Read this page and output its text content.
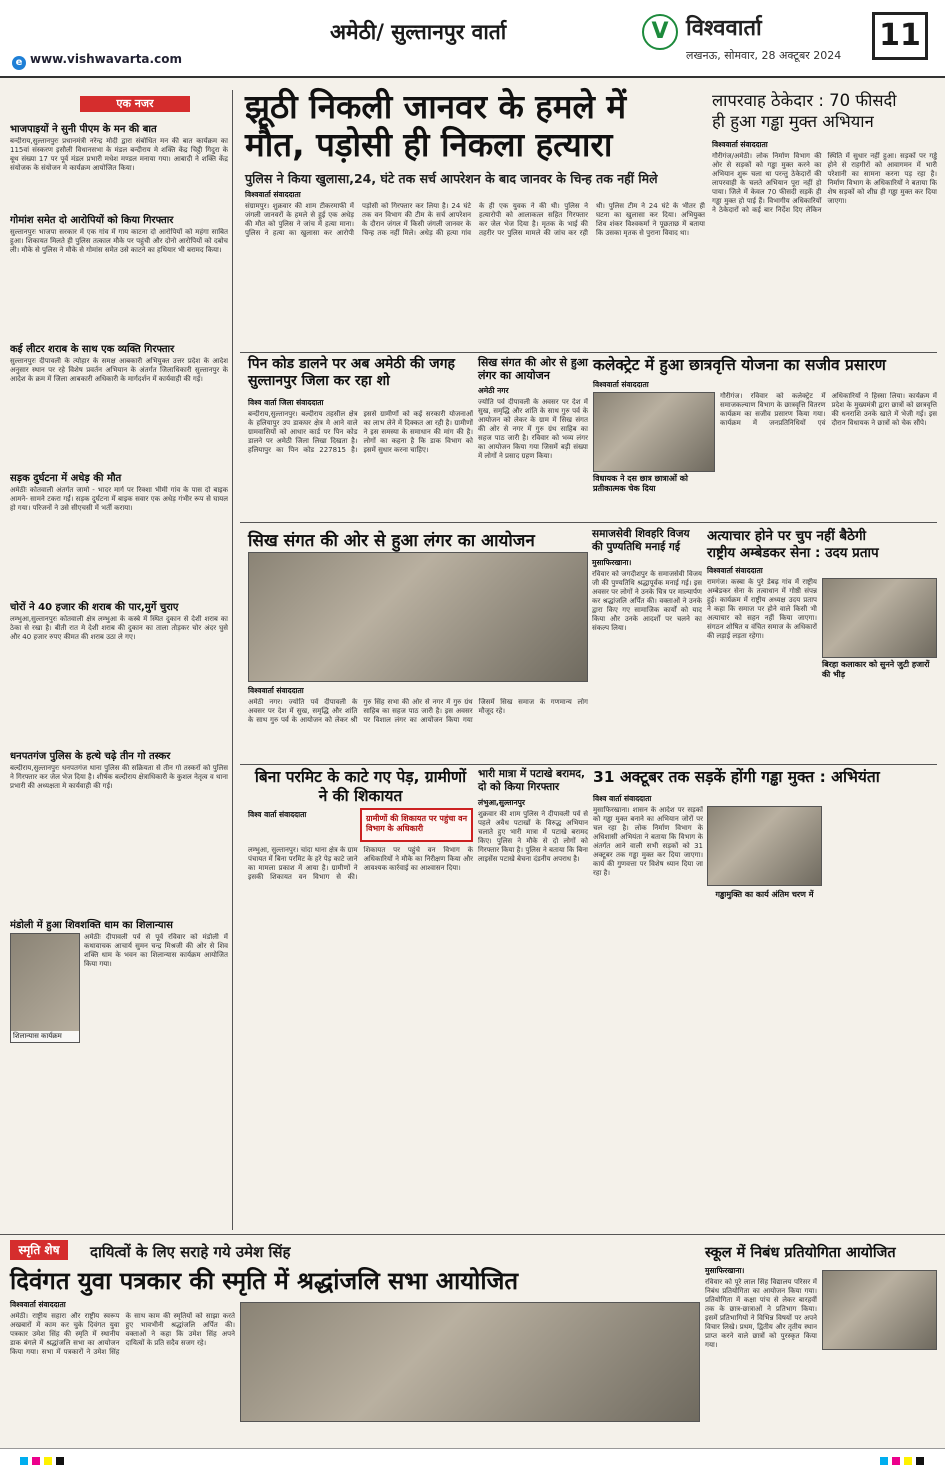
अमेठी/ सुल्तानपुर वार्ता
e www.vishwavarta.com
V विश्ववार्ता
लखनऊ, सोमवार, 28 अक्टूबर 2024
11
एक नजर
भाजपाइयों ने सुनी पीएम के मन की बात
बन्दीराय,सुल्तानपुरः प्रधानमंत्री नरेन्द्र मोदी द्वारा संबोधित मन की बात कार्यक्रम का 115वां संस्करण इसौली विधानसभा के मंडल बन्दीराय मे शक्ति केंद्र चिट्ठी गिदुरा के बूथ संख्या 17 पर पूर्व मंडल प्रभारी मधेश मण्डल मनाया गया। आबादी ने शक्ति केंद्र संयोजक के संयोजन मे कार्यक्रम आयोजित किया।
गोमांश समेत दो आरोपियों को किया गिरफ्तार
सुल्तानपुरः भाजपा सरकार में एक गांव में गाय काटना दो आरोपियों को महंगा साबित हुआ। शिकायत मिलते ही पुलिस तत्काल मौके पर पहुंची और दोनो आरोपियों को दबोच ली। मौके से पुलिस ने मौके से गोमांस समेत उसे काटने का हथियार भी बरामद किया।
कई लीटर शराब के साथ एक व्यक्ति गिरफ्तार
सुल्तानपुरः दीपावली के त्योहार के समक्ष आबकारी अभियुक्त उत्तर प्रदेश के आदेश अनुसार स्थान पर रहे विशेष प्रवर्तन अभियान के अंतर्गत जिलाधिकारी सुल्तानपुर के आदेश के क्रम में जिला आबकारी अधिकारी के मार्गदर्शन में कार्यवाही की गई।
सड़क दुर्घटना में अधेड़ की मौत
अमेठीः कोतवाली अंतर्गत जामो - भादर मार्ग पर रिक्शा भीमी गांव के पास दो बाइक आमने- सामने टकरा गईं। सड़क दुर्घटना में बाइक सवार एक अधेड़ गंभीर रूप से घायल हो गया। परिजनों ने उसे सीएचसी में भर्ती कराया।
चोरों ने 40 हजार की शराब की पार,मुर्गे चुराए
लम्भुआ,सुल्तानपुरः कोतवाली क्षेत्र लम्भुआ के कस्बे में स्थित दुकान से देशी शराब का ठेका से रखा है। बीती रात मे देशी शराब की दुकान का ताला तोड़कर चोर अंदर घुसे और 40 हजार रुपए कीमत की शराब उठा ले गए।
धनपतगंज पुलिस के हत्थे चढ़े तीन गो तस्कर
बल्दीराय,सुल्तानपुरः धनपतगंज थाना पुलिस की सक्रियता से तीन गो तस्करों को पुलिस ने गिरफ्तार कर जेल भेज दिया है। शीर्षक बल्दीराय क्षेत्राधिकारी के कुशल नेतृत्व व थाना प्रभारी की अध्यक्षता मे कार्यवाही की गई।
मंडोली में हुआ शिवशक्ति धाम का शिलान्यास
शिलान्यास कार्यक्रम
अमेठीः दीपावली पर्व से पूर्व रविवार को मंडोली में कथावाचक आचार्य सुमन चन्द्र मिश्रजी की ओर से शिव शक्ति धाम के भवन का शिलान्यास कार्यक्रम आयोजित किया गया।
झूठी निकली जानवर के हमले में
मौत, पड़ोसी ही निकला हत्यारा
पुलिस ने किया खुलासा,24, घंटे तक सर्च आपरेशन के बाद जानवर के चिन्ह तक नहीं मिले
विश्ववार्ता संवाददाता
संग्रामपुर। शुक्रवार की शाम टीकरमाफी में जंगली जानवरों के हमले से हुई एक अधेड़ की मौत को पुलिस ने जांच में हत्या माना। पुलिस ने हत्या का खुलासा कर आरोपी पड़ोसी को गिरफ्तार कर लिया है। 24 घंटे तक वन विभाग की टीम के सर्च आपरेशन के दौरान जंगल में किसी जंगली जानवर के चिन्ह तक नहीं मिले। अधेड़ की हत्या गांव के ही एक युवक ने की थी। पुलिस ने हत्यारोपी को आलाकत्ल सहित गिरफ्तार कर जेल भेज दिया है। मृतक के भाई की तहरीर पर पुलिस मामले की जांच कर रही थी। पुलिस टीम ने 24 घंटे के भीतर ही घटना का खुलासा कर दिया। अभियुक्त शिव शंकर विश्वकर्मा ने पूछताछ में बताया कि उसका मृतक से पुराना विवाद था।
लापरवाह ठेकेदार : 70 फीसदी
ही हुआ गड्ढा मुक्त अभियान
विश्ववार्ता संवाददाता
गौरीगंज/अमेठी। लोक निर्माण विभाग की ओर से सड़कों को गड्ढा मुक्त करने का अभियान शुरू चला था परन्तु ठेकेदारों की लापरवाही के चलते अभियान पूरा नहीं हो पाया। जिले में केवल 70 फीसदी सड़कें ही गड्ढा मुक्त हो पाई हैं। विभागीय अधिकारियों ने ठेकेदारों को कई बार निर्देश दिए लेकिन स्थिति में सुधार नहीं हुआ। सड़कों पर गड्ढे होने से राहगीरों को आवागमन में भारी परेशानी का सामना करना पड़ रहा है। निर्माण विभाग के अधिकारियों ने बताया कि शेष सड़कों को शीघ्र ही गड्ढा मुक्त कर दिया जाएगा।
पिन कोड डालने पर अब अमेठी की जगह सुल्तानपुर जिला कर रहा शो
विश्व वार्ता जिला संवाददाता
बन्दीराय,सुल्तानपुर। बल्दीराय तहसील क्षेत्र के हलियापुर उप डाकघर क्षेत्र मे आने वाले ग्रामवासियों को आधार कार्ड पर पिन कोड डालने पर अमेठी जिला लिखा दिखता है। हलियापुर का पिन कोड 227815 है। इससे ग्रामीणों को कई सरकारी योजनाओं का लाभ लेने में दिक्कत आ रही है। ग्रामीणों ने इस समस्या के समाधान की मांग की है। लोगों का कहना है कि डाक विभाग को इसमें सुधार करना चाहिए।
सिख संगत की ओर से हुआ लंगर का आयोजन
अमेठी नगर
ज्योति पर्व दीपावली के अवसर पर देश में सुख, समृद्धि और शांति के साथ गुरु पर्व के आयोजन को लेकर के ग्राम में सिख संगत की ओर से नगर में गुरु ग्रंथ साहिब का सहज पाठ जारी है। रविवार को भव्य लंगर का आयोजन किया गया जिसमें बड़ी संख्या में लोगों ने प्रसाद ग्रहण किया।
कलेक्ट्रेट में हुआ छात्रवृत्ति योजना का सजीव प्रसारण
विश्ववार्ता संवाददाता
विधायक ने दस छात्र छात्राओं को प्रतीकात्मक चेक दिया
गौरीगंज। रविवार को कलेक्ट्रेट में समाजकल्याण विभाग के छात्रवृत्ति वितरण कार्यक्रम का सजीव प्रसारण किया गया। कार्यक्रम में जनप्रतिनिधियों एवं अधिकारियों ने हिस्सा लिया। कार्यक्रम में प्रदेश के मुख्यमंत्री द्वारा छात्रों को छात्रवृत्ति की धनराशि उनके खाते में भेजी गई। इस दौरान विधायक ने छात्रों को चेक सौंपे।
सिख संगत की ओर से हुआ लंगर का आयोजन
विश्ववार्ता संवाददाता
अमेठी नगर। ज्योति पर्व दीपावली के अवसर पर देश में सुख, समृद्धि और शांति के साथ गुरु पर्व के आयोजन को लेकर श्री गुरु सिंह सभा की ओर से नगर में गुरु ग्रंथ साहिब का सहज पाठ जारी है। इस अवसर पर विशाल लंगर का आयोजन किया गया जिसमें सिख समाज के गणमान्य लोग मौजूद रहे।
समाजसेवी शिवहरि विजय की पुण्यतिथि मनाई गई
मुसाफिरखाना।
रविवार को जगदीशपुर के समाजसेवी विजय जी की पुण्यतिथि श्रद्धापूर्वक मनाई गई। इस अवसर पर लोगों ने उनके चित्र पर माल्यार्पण कर श्रद्धांजलि अर्पित की। वक्ताओं ने उनके द्वारा किए गए सामाजिक कार्यों को याद किया और उनके आदर्शों पर चलने का संकल्प लिया।
अत्याचार होने पर चुप नहीं बैठेगी
राष्ट्रीय अम्बेडकर सेना : उदय प्रताप
विश्ववार्ता संवाददाता
रामगंज। कस्बा के पुरे डेबढ़ गांव में राष्ट्रीय अम्बेडकर सेना के तत्वाधान में गोष्ठी संपन्न हुई। कार्यक्रम में राष्ट्रीय अध्यक्ष उदय प्रताप ने कहा कि समाज पर होने वाले किसी भी अत्याचार को सहन नहीं किया जाएगा। संगठन शोषित व वंचित समाज के अधिकारों की लड़ाई लड़ता रहेगा।
बिरहा कलाकार को सुनने जुटी हजारों की भीड़
बिना परमिट के काटे गए पेड़, ग्रामीणों ने की शिकायत
विश्व वार्ता संवाददाता	ग्रामीणों की शिकायत पर पहुंचा वन विभाग के अधिकारी
लम्भुआ, सुल्तानपुर। चांदा थाना क्षेत्र के ग्राम पंचायत में बिना परमिट के हरे पेड़ काटे जाने का मामला प्रकाश में आया है। ग्रामीणों ने इसकी शिकायत वन विभाग से की। शिकायत पर पहुंचे वन विभाग के अधिकारियों ने मौके का निरीक्षण किया और आवश्यक कार्रवाई का आश्वासन दिया।
भारी मात्रा में पटाखे बरामद, दो को किया गिरफ्तार
लंभुआ,सुल्तानपुर
शुक्रवार की शाम पुलिस ने दीपावली पर्व से पहले अवैध पटाखों के विरुद्ध अभियान चलाते हुए भारी मात्रा में पटाखे बरामद किए। पुलिस ने मौके से दो लोगों को गिरफ्तार किया है। पुलिस ने बताया कि बिना लाइसेंस पटाखे बेचना दंडनीय अपराध है।
31 अक्टूबर तक सड़कें होंगी गड्ढा मुक्त : अभियंता
विश्व वार्ता संवाददाता
मुसाफिरखाना। शासन के आदेश पर सड़कों को गड्ढा मुक्त बनाने का अभियान जोरों पर चल रहा है। लोक निर्माण विभाग के अधिशासी अभियंता ने बताया कि विभाग के अंतर्गत आने वाली सभी सड़कों को 31 अक्टूबर तक गड्ढा मुक्त कर दिया जाएगा। कार्य की गुणवत्ता पर विशेष ध्यान दिया जा रहा है।
गड्ढामुक्ति का कार्य अंतिम चरण में
स्मृति शेष	दायित्वों के लिए सराहे गये उमेश सिंह
दिवंगत युवा पत्रकार की स्मृति में श्रद्धांजलि सभा आयोजित
विश्ववार्ता संवाददाता
अमेठी। राष्ट्रीय सहारा और राष्ट्रीय स्वरूप अखबारों में काम कर चुके दिवंगत युवा पत्रकार उमेश सिंह की स्मृति में स्थानीय डाक बंगले में श्रद्धांजलि सभा का आयोजन किया गया। सभा में पत्रकारों ने उमेश सिंह के साथ काम की स्मृतियों को साझा करते हुए भावभीनी श्रद्धांजलि अर्पित की। वक्ताओं ने कहा कि उमेश सिंह अपने दायित्वों के प्रति सदैव सजग रहे।
स्कूल में निबंध प्रतियोगिता आयोजित
मुसाफिरखाना।
रविवार को पूरे लाल सिंह विद्यालय परिसर में निबंध प्रतियोगिता का आयोजन किया गया। प्रतियोगिता में कक्षा पांच से लेकर बारहवीं तक के छात्र-छात्राओं ने प्रतिभाग किया। इसमें प्रतिभागियों ने विभिन्न विषयों पर अपने विचार लिखे। प्रथम, द्वितीय और तृतीय स्थान प्राप्त करने वाले छात्रों को पुरस्कृत किया गया।
